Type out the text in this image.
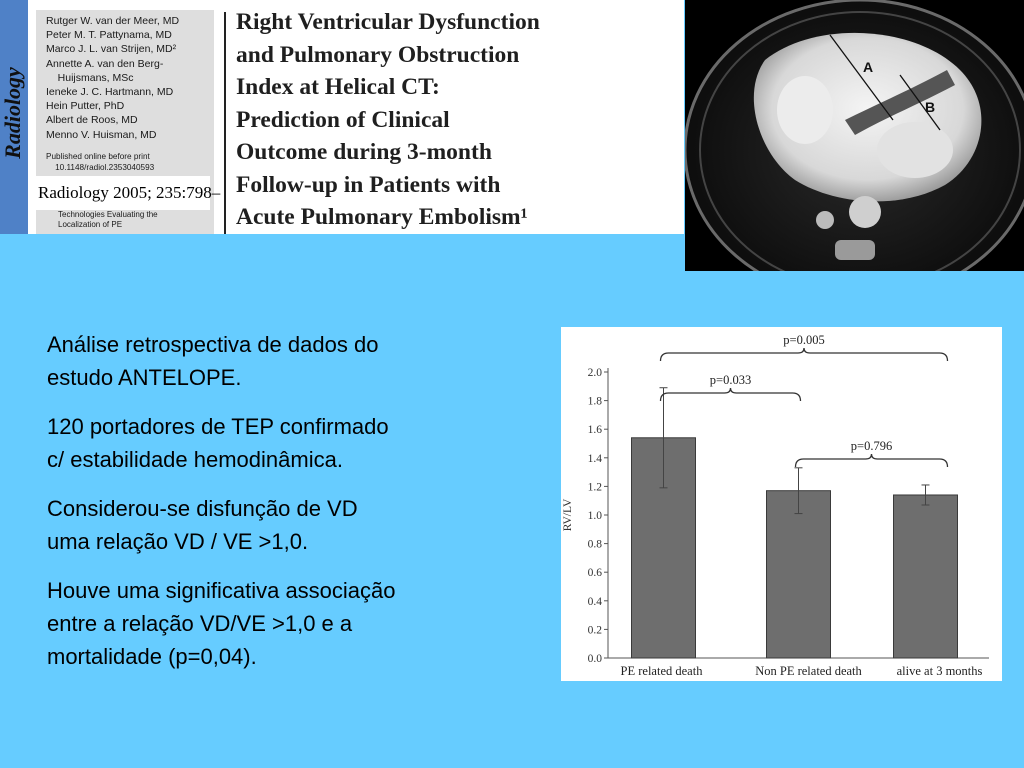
Radiology
Rutger W. van der Meer, MD
Peter M. T. Pattynama, MD
Marco J. L. van Strijen, MD²
Annette A. van den Berg-
Huijsmans, MSc
Ieneke J. C. Hartmann, MD
Hein Putter, PhD
Albert de Roos, MD
Menno V. Huisman, MD
Published online before print
10.1148/radiol.2353040593
Radiology 2005; 235:798–
Technologies Evaluating the
Localization of PE
Right Ventricular Dysfunction
and Pulmonary Obstruction
Index at Helical CT:
Prediction of Clinical
Outcome during 3-month
Follow-up in Patients with
Acute Pulmonary Embolism¹
A
B

Análise retrospectiva de dados do
estudo ANTELOPE.

120 portadores de TEP confirmado
c/ estabilidade hemodinâmica.

Considerou-se disfunção de VD
uma relação VD / VE >1,0.

Houve uma significativa associação
entre a relação VD/VE >1,0 e a
mortalidade (p=0,04).	0.0
0.2
0.4
0.6
0.8
1.0
1.2
1.4
1.6
1.8
2.0
RV/LV
PE related death	Non PE related death	alive at 3 months
p=0.005
p=0.033
p=0.796
